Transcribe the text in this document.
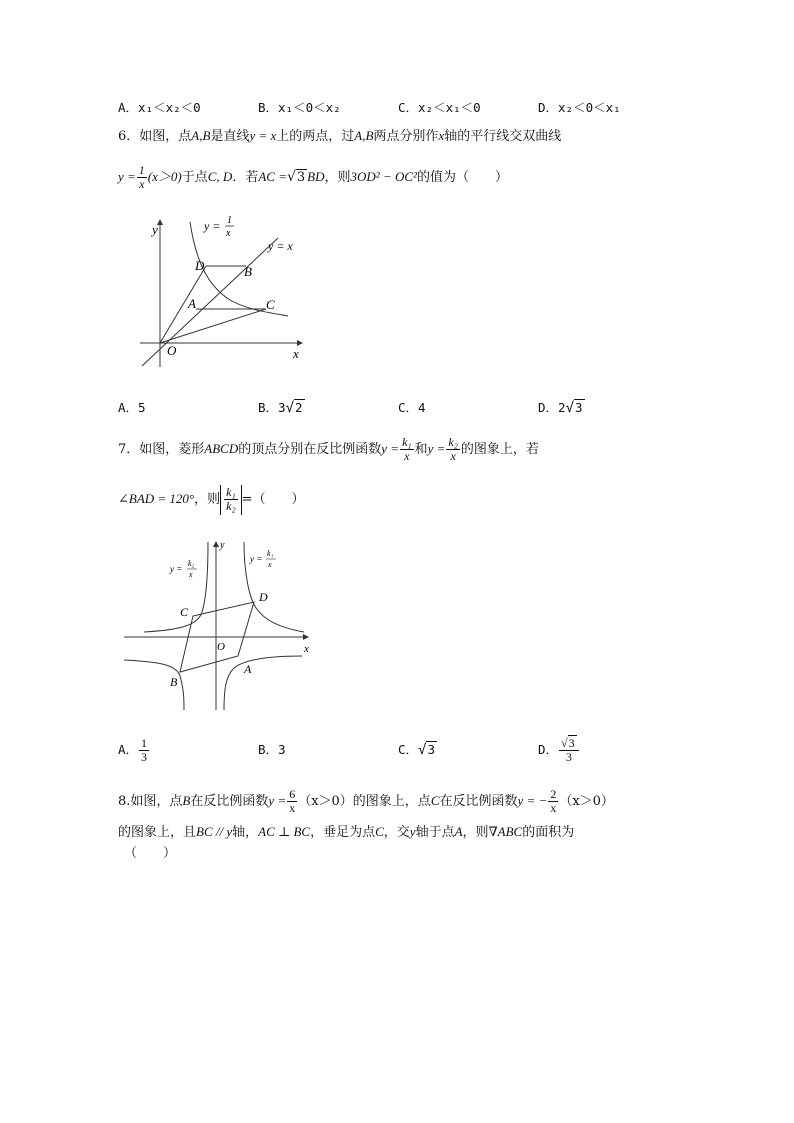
A．x₁＜x₂＜0	B．x₁＜0＜x₂	C．x₂＜x₁＜0	D．x₂＜0＜x₁
6．如图，点A,B是直线y = x上的两点，过A,B两点分别作x轴的平行线交双曲线
$y = \frac{1}{x} (x>0)$于点C, D．若AC =√3 BD，则3OD² − OC²的值为（　　）
y = 1
x
y = x
y
x
O
D	B
A	C
A．5	B．3√2	C．4	D．2√3
7．如图，菱形ABCD的顶点分别在反比例函数$y = \frac{\text{k₁}}{x}$ 和$y = \frac{\text{k₂}}{x}$ 的图象上，若
∠BAD = 120°，则 $\frac{\text{k₁}}{\text{k₂}}$ =（　　）
y =
k₂
x
y =
k₁
x
y
x
O
C
D
B
A
A． $\frac{1}{3}$	B．3	C．√3	D． $\frac{√3}{3}$
8.如图，点B在反比例函数$y = \frac{6}{x} (x>0)$的图象上，点C在反比例函数y = − $\frac{2}{x} (x>0)$
的图象上，且BC // y轴，AC ⊥ BC，垂足为点C，交y轴于点A，则∇ABC的面积为
（　　）
